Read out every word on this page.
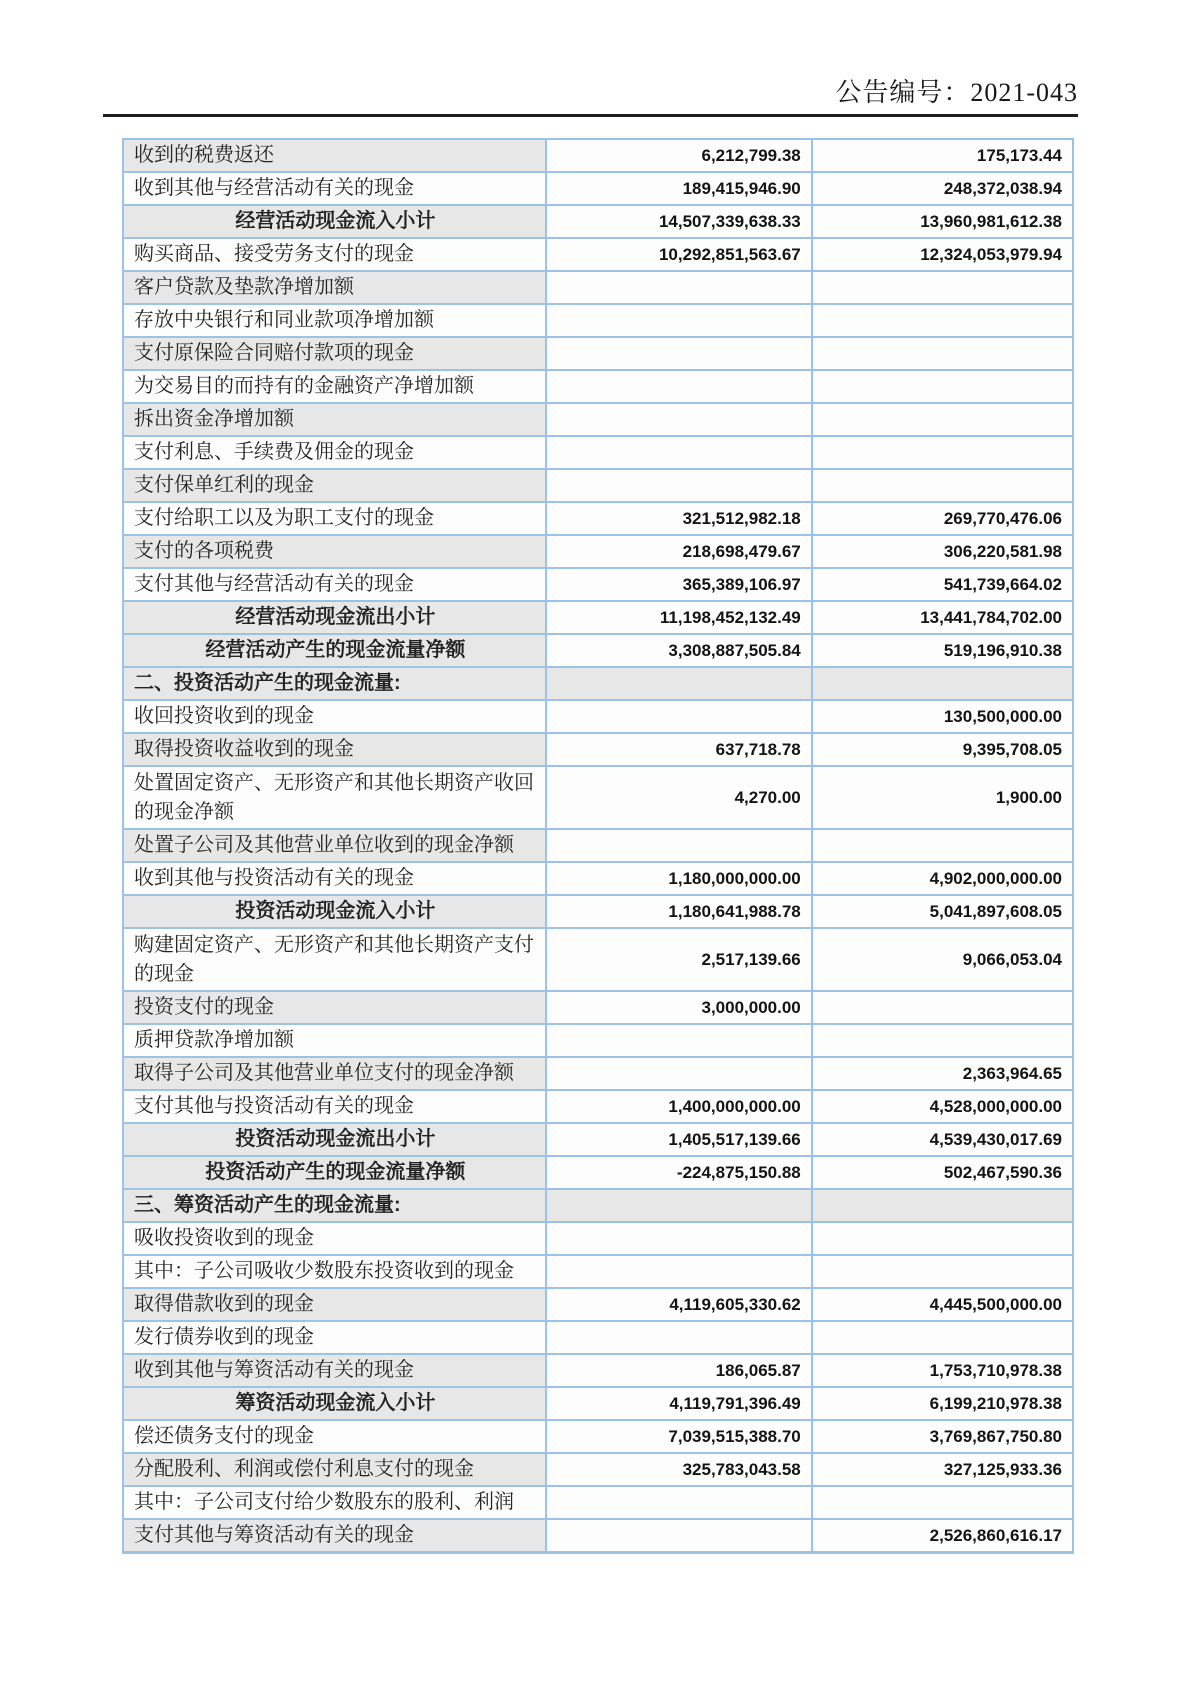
公告编号：2021-043
收到的税费返还	6,212,799.38	175,173.44
收到其他与经营活动有关的现金	189,415,946.90	248,372,038.94
经营活动现金流入小计	14,507,339,638.33	13,960,981,612.38
购买商品、接受劳务支付的现金	10,292,851,563.67	12,324,053,979.94
客户贷款及垫款净增加额		
存放中央银行和同业款项净增加额		
支付原保险合同赔付款项的现金		
为交易目的而持有的金融资产净增加额		
拆出资金净增加额		
支付利息、手续费及佣金的现金		
支付保单红利的现金		
支付给职工以及为职工支付的现金	321,512,982.18	269,770,476.06
支付的各项税费	218,698,479.67	306,220,581.98
支付其他与经营活动有关的现金	365,389,106.97	541,739,664.02
经营活动现金流出小计	11,198,452,132.49	13,441,784,702.00
经营活动产生的现金流量净额	3,308,887,505.84	519,196,910.38
二、投资活动产生的现金流量:		
收回投资收到的现金		130,500,000.00
取得投资收益收到的现金	637,718.78	9,395,708.05
处置固定资产、无形资产和其他长期资产收回的现金净额	4,270.00	1,900.00
处置子公司及其他营业单位收到的现金净额		
收到其他与投资活动有关的现金	1,180,000,000.00	4,902,000,000.00
投资活动现金流入小计	1,180,641,988.78	5,041,897,608.05
购建固定资产、无形资产和其他长期资产支付的现金	2,517,139.66	9,066,053.04
投资支付的现金	3,000,000.00	
质押贷款净增加额		
取得子公司及其他营业单位支付的现金净额		2,363,964.65
支付其他与投资活动有关的现金	1,400,000,000.00	4,528,000,000.00
投资活动现金流出小计	1,405,517,139.66	4,539,430,017.69
投资活动产生的现金流量净额	-224,875,150.88	502,467,590.36
三、筹资活动产生的现金流量:		
吸收投资收到的现金		
其中：子公司吸收少数股东投资收到的现金		
取得借款收到的现金	4,119,605,330.62	4,445,500,000.00
发行债券收到的现金		
收到其他与筹资活动有关的现金	186,065.87	1,753,710,978.38
筹资活动现金流入小计	4,119,791,396.49	6,199,210,978.38
偿还债务支付的现金	7,039,515,388.70	3,769,867,750.80
分配股利、利润或偿付利息支付的现金	325,783,043.58	327,125,933.36
其中：子公司支付给少数股东的股利、利润		
支付其他与筹资活动有关的现金		2,526,860,616.17
